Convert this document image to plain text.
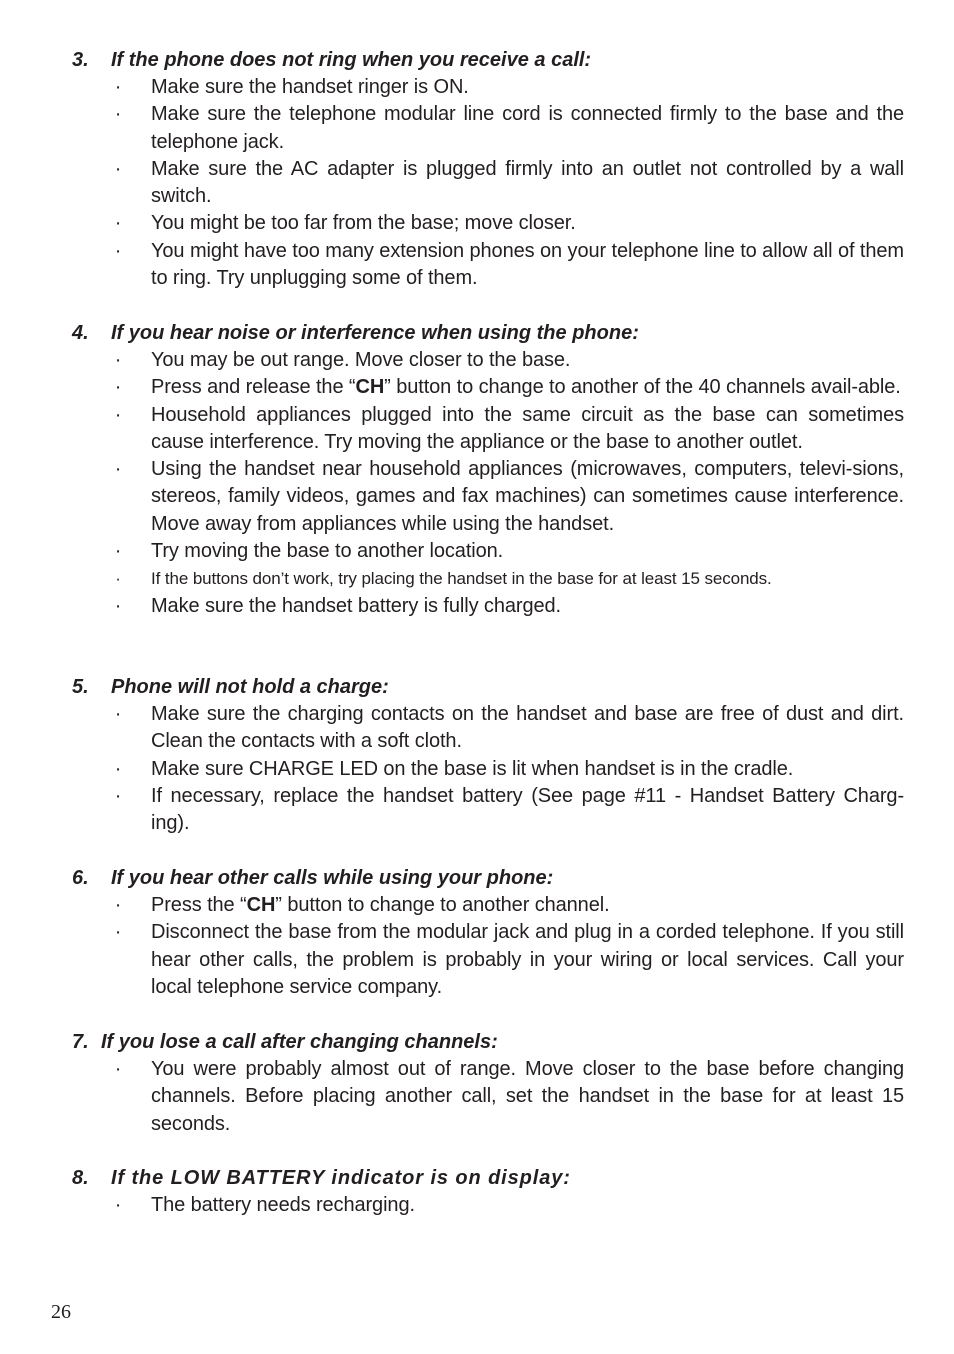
3. If the phone does not ring when you receive a call:

· Make sure the handset ringer is ON.
· Make sure the telephone modular line cord is connected firmly to the base and the telephone jack.
· Make sure the AC adapter is plugged firmly into an outlet not controlled by a wall switch.
· You might be too far from the base; move closer.
· You might have too many extension phones on your telephone line to allow all of them to ring. Try unplugging some of them.

4. If you hear noise or interference when using the phone:

· You may be out range. Move closer to the base.
· Press and release the “CH” button to change to another of the 40 channels avail-able.
· Household appliances plugged into the same circuit as the base can sometimes cause interference. Try moving the appliance or the base to another outlet.
· Using the handset near household appliances (microwaves, computers, televi-sions, stereos, family videos, games and fax machines) can sometimes cause interference. Move away from appliances while using the handset.
· Try moving the base to another location.
· If the buttons don’t work, try placing the handset in the base for at least 15 seconds.
· Make sure the handset battery is fully charged.

5. Phone will not hold a charge:

· Make sure the charging contacts on the handset and base are free of dust and dirt. Clean the contacts with a soft cloth.
· Make sure CHARGE LED on the base is lit when handset is in the cradle.
· If necessary, replace the handset battery (See page #11 - Handset Battery Charg-ing).

6. If you hear other calls while using your phone:

· Press the “CH” button to change to another channel.
· Disconnect the base from the modular jack and plug in a corded telephone. If you still hear other calls, the problem is probably in your wiring or local services. Call your local telephone service company.

7. If you lose a call after changing channels:

· You were probably almost out of range. Move closer to the base before changing channels. Before placing another call, set the handset in the base for at least 15 seconds.

8. If the LOW BATTERY indicator is on display:

· The battery needs recharging.
26
